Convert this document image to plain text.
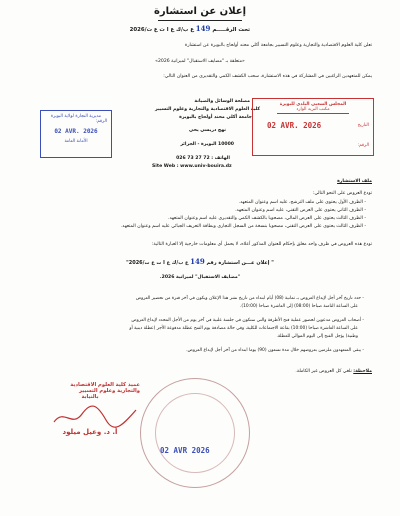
إعلان عن استشارة
تحت الرقـــــم 149 ع ب/ك ع ا ت ع ت/2026
تعلن كلية العلوم الاقتصادية والتجارية وعلوم التسيير بجامعة أكلي محند أولحاج بالبويرة عن استشارة
«متعلقة بـ "مضايف الاستقبال" لميزانية 2026»
يمكن للمتعهدين الراغبين في المشاركة في هذه الاستشارة، سحب الكشف الكمي والتقديري من العنوان التالي:
مصلحة الوسائل والصيانة
كلية العلوم الاقتصادية والتجارية وعلوم التسيير
جامعة أكلي محند أولحاج بالبويرة
نهج دريسي يحي
10000 البويرة - الجزائر
الهاتف : 026 73 27 72
Site Web : www.univ-bouira.dz
مديرية التجارة لولاية البويرة
الرقم:
02 AVR. 2026
الأمانة العامة
المجلس الشعبي البلدي للبويرة
مكتب البريد الوارد
التاريخ
02 AVR. 2026
الرقم:
ملف الاستشارة
تودع العروض على النحو التالي:
- الظرف الأول يحتوي على ملف الترشح، عليه اسم وعنوان المتعهد.
- الظرف الثاني يحتوي على العرض التقني، عليه اسم وعنوان المتعهد.
- الظرف الثالث يحتوي على العرض المالي، مصحوبا بالكشف الكمي والتقديري عليه اسم وعنوان المتعهد.
- الظرف الثالث يحتوي على العرض التقني، مصحوبا بنسخة من السجل التجاري وبطاقة التعريف الجبائي عليه اسم وعنوان المتعهد.
تودع هذه العروض في ظرف واحد مغلق بإحكام للعنوان المذكور أعلاه، لا يحمل أي معلومات خارجية إلا العبارة التالية:
" إعلان عـــن استشارة رقم 149 ع ب/ك ع ا ت ع ت/2026"
"مضايف الاستقبال" لميزانية 2026.
- حدد تاريخ آخر أجل لإيداع العروض بـ ثمانية (08) أيام ابتداء من تاريخ نشر هذا الإعلان ويكون في آخر فترة من تحضير العروض
على الساعة الثامنة صباحا (08:00) إلى العاشرة صباحا (10:00).
- أصحاب العروض مدعوين لحضور عملية فتح الأظرفة والتي ستكون في جلسة علنية في آخر يوم من الأجل المحدد لإيداع العروض
على الساعة العاشرة صباحا (10:00) بقاعة الاجتماعات للكلية، وفي حالة مصادفة يوم الفتح عطلة مدفوعة الأجر (عطلة دينية أو
وطنية) يؤجل الفتح إلى اليوم الموالي للعطلة.
- يبقى المتعهدون ملزمين بعروضهم خلال مدة تسعون (90) يوما ابتداء من آخر أجل لإيداع العروض.
ملاحظة: نلغي كل العروض غير الكاملة.
عميد كلية العلوم الاقتصادية
والتجارية وعلوم التسيير
بالنيابة
أ. د. وعيل ميلود
02 AVR 2026
